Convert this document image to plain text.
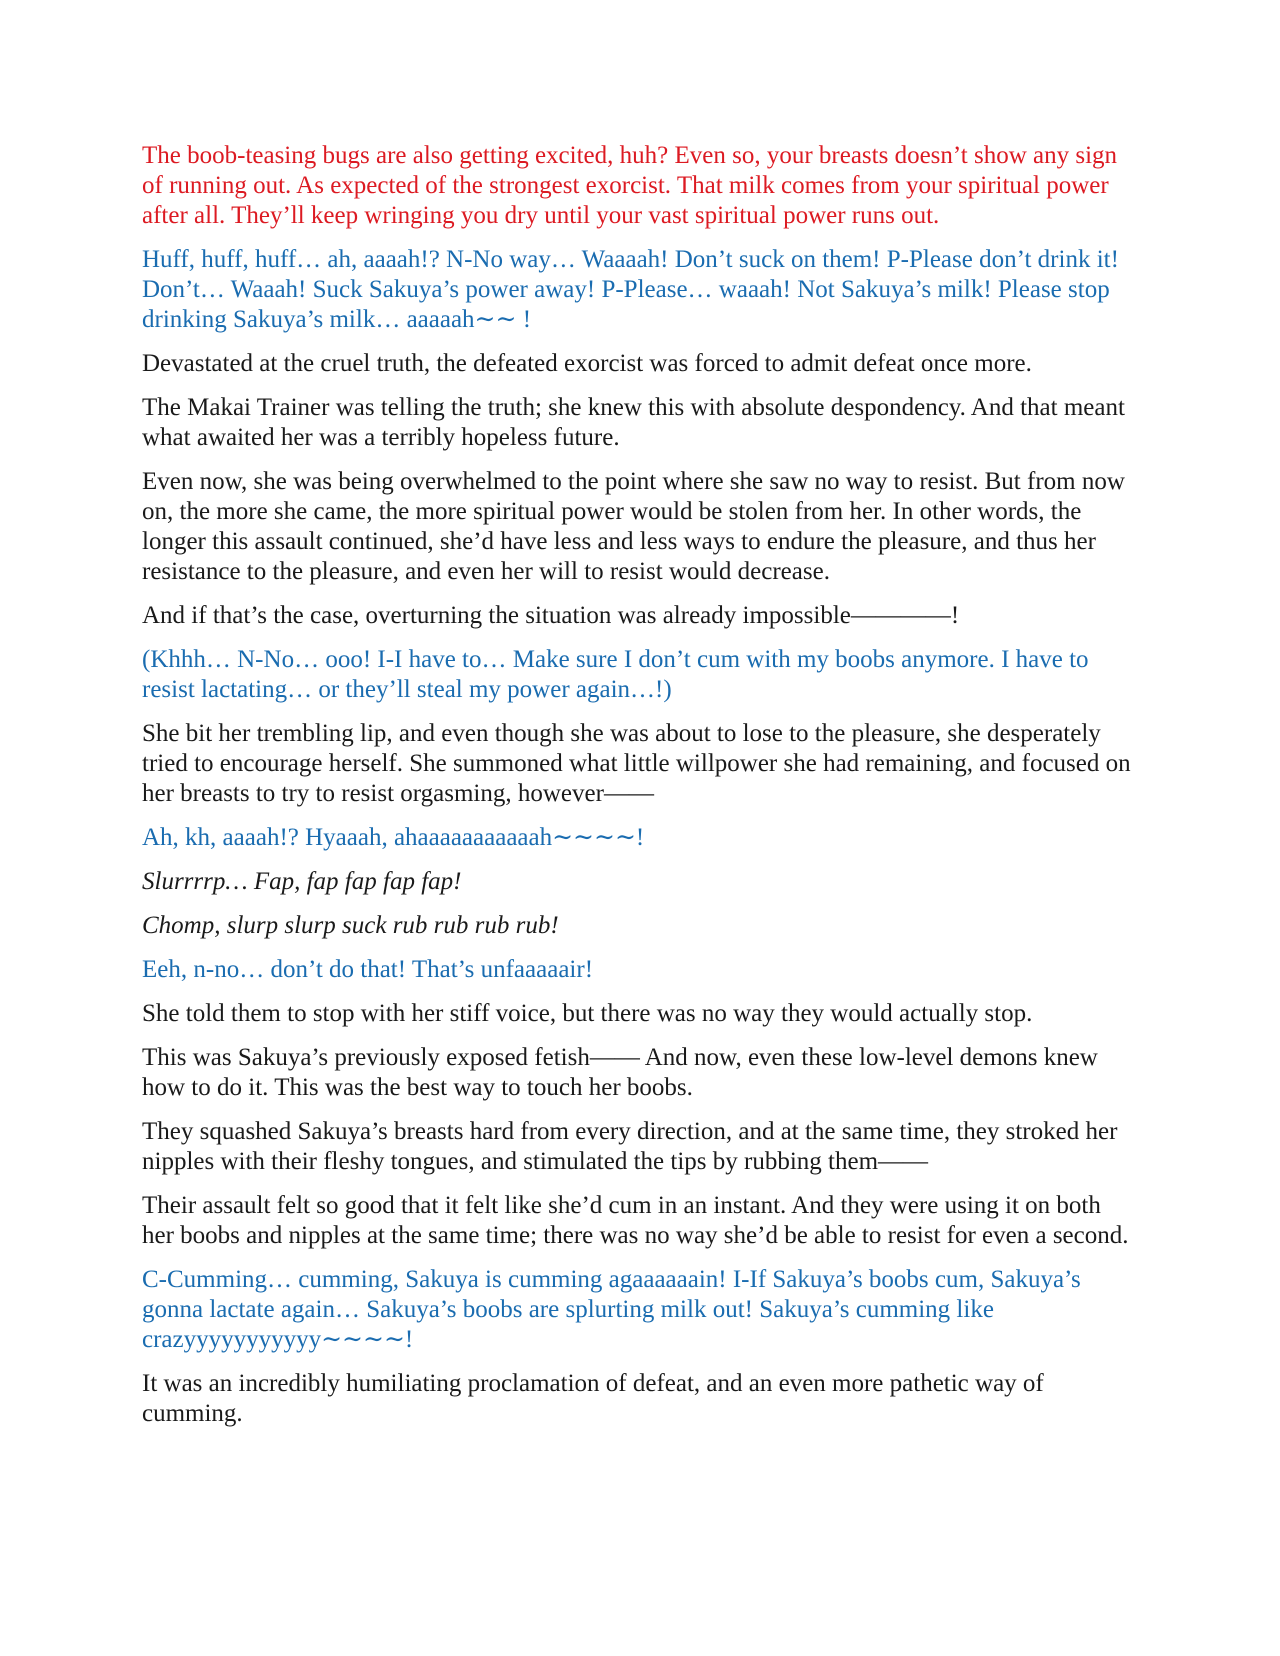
The boob-teasing bugs are also getting excited, huh? Even so, your breasts doesn’t show any sign of running out. As expected of the strongest exorcist. That milk comes from your spiritual power after all. They’ll keep wringing you dry until your vast spiritual power runs out.

Huff, huff, huff… ah, aaaah!? N-No way… Waaaah! Don’t suck on them! P-Please don’t drink it! Don’t… Waaah! Suck Sakuya’s power away! P-Please… waaah! Not Sakuya’s milk! Please stop drinking Sakuya’s milk… aaaaah∼∼ !

Devastated at the cruel truth, the defeated exorcist was forced to admit defeat once more.

The Makai Trainer was telling the truth; she knew this with absolute despondency. And that meant what awaited her was a terribly hopeless future.

Even now, she was being overwhelmed to the point where she saw no way to resist. But from now on, the more she came, the more spiritual power would be stolen from her. In other words, the longer this assault continued, she’d have less and less ways to endure the pleasure, and thus her resistance to the pleasure, and even her will to resist would decrease.

And if that’s the case, overturning the situation was already impossible————!

(Khhh… N-No… ooo! I-I have to… Make sure I don’t cum with my boobs anymore. I have to resist lactating… or they’ll steal my power again…!)

She bit her trembling lip, and even though she was about to lose to the pleasure, she desperately tried to encourage herself. She summoned what little willpower she had remaining, and focused on her breasts to try to resist orgasming, however——

Ah, kh, aaaah!? Hyaaah, ahaaaaaaaaaaah∼∼∼∼!

Slurrrrp… Fap, fap fap fap fap!

Chomp, slurp slurp suck rub rub rub rub!

Eeh, n-no… don’t do that! That’s unfaaaaair!

She told them to stop with her stiff voice, but there was no way they would actually stop.

This was Sakuya’s previously exposed fetish—— And now, even these low-level demons knew how to do it. This was the best way to touch her boobs.

They squashed Sakuya’s breasts hard from every direction, and at the same time, they stroked her nipples with their fleshy tongues, and stimulated the tips by rubbing them——

Their assault felt so good that it felt like she’d cum in an instant. And they were using it on both her boobs and nipples at the same time; there was no way she’d be able to resist for even a second.

C-Cumming… cumming, Sakuya is cumming agaaaaaain! I-If Sakuya’s boobs cum, Sakuya’s gonna lactate again… Sakuya’s boobs are splurting milk out! Sakuya’s cumming like crazyyyyyyyyyyy∼∼∼∼!

It was an incredibly humiliating proclamation of defeat, and an even more pathetic way of cumming.
